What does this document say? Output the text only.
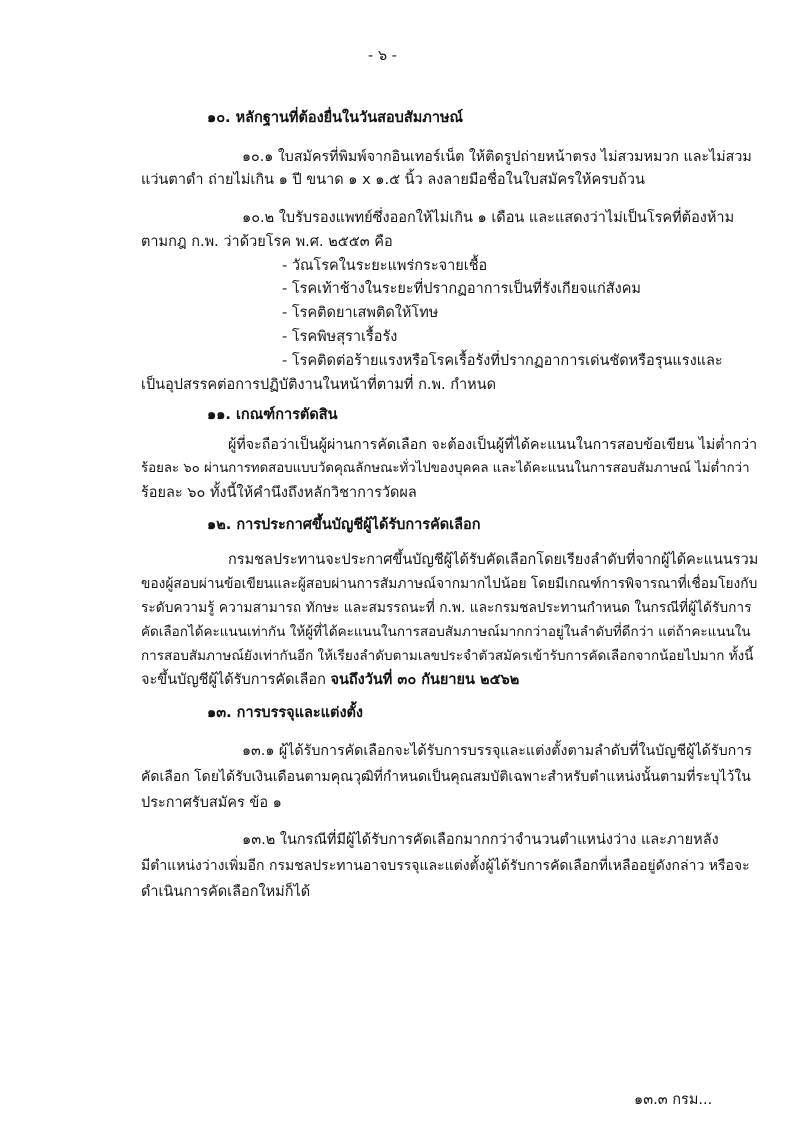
- ๖ -
๑๐. หลักฐานที่ต้องยื่นในวันสอบสัมภาษณ์
๑๐.๑ ใบสมัครที่พิมพ์จากอินเทอร์เน็ต ให้ติดรูปถ่ายหน้าตรง ไม่สวมหมวก และไม่สวม
แว่นตาดำ ถ่ายไม่เกิน ๑ ปี ขนาด ๑ x ๑.๕ นิ้ว ลงลายมือชื่อในใบสมัครให้ครบถ้วน
๑๐.๒ ใบรับรองแพทย์ซึ่งออกให้ไม่เกิน ๑ เดือน และแสดงว่าไม่เป็นโรคที่ต้องห้าม
ตามกฎ ก.พ. ว่าด้วยโรค พ.ศ. ๒๕๕๓ คือ
- วัณโรคในระยะแพร่กระจายเชื้อ
- โรคเท้าช้างในระยะที่ปรากฏอาการเป็นที่รังเกียจแก่สังคม
- โรคติดยาเสพติดให้โทษ
- โรคพิษสุราเรื้อรัง
- โรคติดต่อร้ายแรงหรือโรคเรื้อรังที่ปรากฏอาการเด่นชัดหรือรุนแรงและ
เป็นอุปสรรคต่อการปฏิบัติงานในหน้าที่ตามที่ ก.พ. กำหนด
๑๑. เกณฑ์การตัดสิน
ผู้ที่จะถือว่าเป็นผู้ผ่านการคัดเลือก จะต้องเป็นผู้ที่ได้คะแนนในการสอบข้อเขียน ไม่ต่ำกว่า
ร้อยละ ๖๐ ผ่านการทดสอบแบบวัดคุณลักษณะทั่วไปของบุคคล และได้คะแนนในการสอบสัมภาษณ์ ไม่ต่ำกว่า
ร้อยละ ๖๐ ทั้งนี้ให้คำนึงถึงหลักวิชาการวัดผล
๑๒. การประกาศขึ้นบัญชีผู้ได้รับการคัดเลือก
กรมชลประทานจะประกาศขึ้นบัญชีผู้ได้รับคัดเลือกโดยเรียงลำดับที่จากผู้ได้คะแนนรวม
ของผู้สอบผ่านข้อเขียนและผู้สอบผ่านการสัมภาษณ์จากมากไปน้อย โดยมีเกณฑ์การพิจารณาที่เชื่อมโยงกับ
ระดับความรู้ ความสามารถ ทักษะ และสมรรถนะที่ ก.พ. และกรมชลประทานกำหนด ในกรณีที่ผู้ได้รับการ
คัดเลือกได้คะแนนเท่ากัน ให้ผู้ที่ได้คะแนนในการสอบสัมภาษณ์มากกว่าอยู่ในลำดับที่ดีกว่า แต่ถ้าคะแนนใน
การสอบสัมภาษณ์ยังเท่ากันอีก ให้เรียงลำดับตามเลขประจำตัวสมัครเข้ารับการคัดเลือกจากน้อยไปมาก ทั้งนี้
จะขึ้นบัญชีผู้ได้รับการคัดเลือก จนถึงวันที่ ๓๐ กันยายน ๒๕๖๒
๑๓. การบรรจุและแต่งตั้ง
๑๓.๑ ผู้ได้รับการคัดเลือกจะได้รับการบรรจุและแต่งตั้งตามลำดับที่ในบัญชีผู้ได้รับการ
คัดเลือก โดยได้รับเงินเดือนตามคุณวุฒิที่กำหนดเป็นคุณสมบัติเฉพาะสำหรับตำแหน่งนั้นตามที่ระบุไว้ใน
ประกาศรับสมัคร ข้อ ๑
๑๓.๒ ในกรณีที่มีผู้ได้รับการคัดเลือกมากกว่าจำนวนตำแหน่งว่าง และภายหลัง
มีตำแหน่งว่างเพิ่มอีก กรมชลประทานอาจบรรจุและแต่งตั้งผู้ได้รับการคัดเลือกที่เหลืออยู่ดังกล่าว หรือจะ
ดำเนินการคัดเลือกใหม่ก็ได้
๑๓.๓ กรม...
